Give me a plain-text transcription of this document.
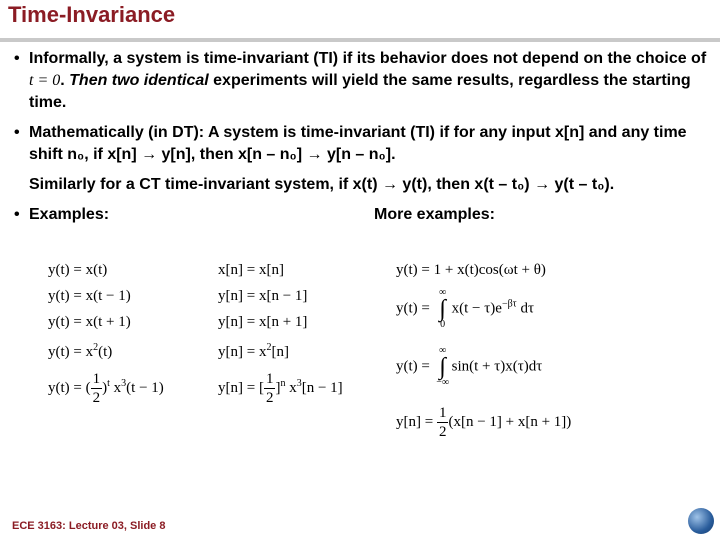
Time-Invariance
• Informally, a system is time-invariant (TI) if its behavior does not depend on the choice of t = 0. Then two identical experiments will yield the same results, regardless the starting time.
• Mathematically (in DT): A system is time-invariant (TI) if for any input x[n] and any time shift n₀, if x[n] → y[n], then x[n – n₀] → y[n – n₀].
Similarly for a CT time-invariant system, if x(t) → y(t), then x(t – t₀) → y(t – t₀).
• Examples:	More examples:
y(t) = x(t)
y(t) = x(t − 1)
y(t) = x(t + 1)
$y(t) = x^2(t)$
y(t) = ( $\frac{1}{2} )^t$ $x^3(t - 1)$
x[n] = x[n]
y[n] = x[n − 1]
y[n] = x[n + 1]
$y[n] = x^2[n]$
y[n] = [ $\frac{1}{2} ]^n$ $x^3[n - 1]$
y(t) = 1 + x(t)cos(ωt + θ)
y(t) =
∞
∫
0
$x(t - \tau)e^{-\beta\tau}$ dτ
y(t) =
∞
∫
−∞
sin(t + τ)x(τ)dτ
$y[n] = \frac{1}{2} (x[n - 1] + x[n + 1])$
ECE 3163: Lecture 03, Slide 8
